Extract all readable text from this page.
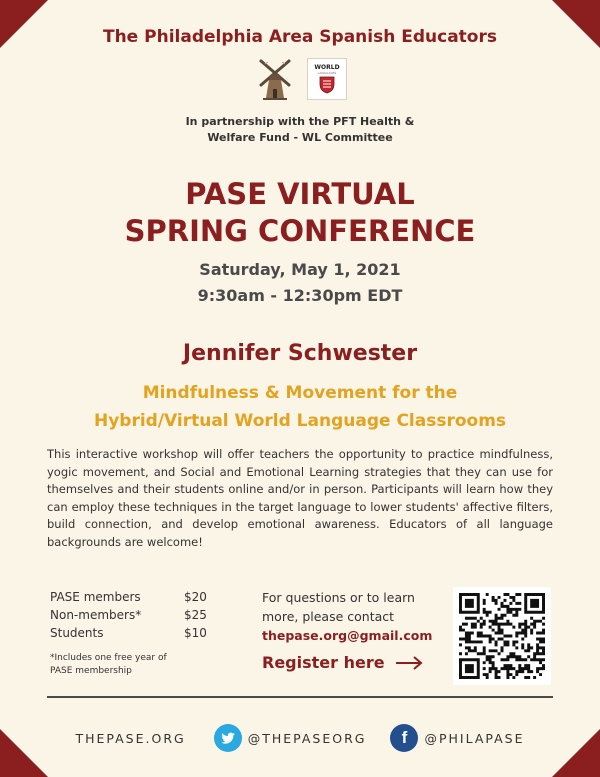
The Philadelphia Area Spanish Educators
WORLD
LANGUAGES
In partnership with the PFT Health &
Welfare Fund - WL Committee
PASE VIRTUAL
SPRING CONFERENCE
Saturday, May 1, 2021
9:30am - 12:30pm EDT
Jennifer Schwester
Mindfulness & Movement for the
Hybrid/Virtual World Language Classrooms
This interactive workshop will offer teachers the opportunity to practice mindfulness, yogic movement, and Social and Emotional Learning strategies that they can use for themselves and their students online and/or in person. Participants will learn how they can employ these techniques in the target language to lower students' affective filters, build connection, and develop emotional awareness. Educators of all language backgrounds are welcome!
PASE members	$20
Non-members*	$25
Students	$10
*Includes one free year of
PASE membership
For questions or to learn
more, please contact
thepase.org@gmail.com
Register here
THEPASE.ORG	@THEPASEORG	f	@PHILAPASE
